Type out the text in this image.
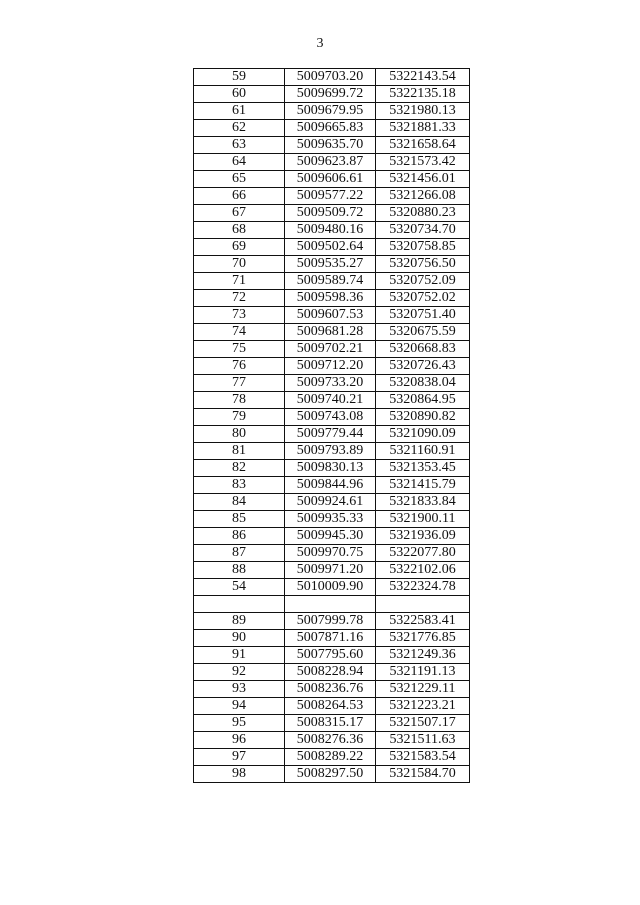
3
59	5009703.20	5322143.54
60	5009699.72	5322135.18
61	5009679.95	5321980.13
62	5009665.83	5321881.33
63	5009635.70	5321658.64
64	5009623.87	5321573.42
65	5009606.61	5321456.01
66	5009577.22	5321266.08
67	5009509.72	5320880.23
68	5009480.16	5320734.70
69	5009502.64	5320758.85
70	5009535.27	5320756.50
71	5009589.74	5320752.09
72	5009598.36	5320752.02
73	5009607.53	5320751.40
74	5009681.28	5320675.59
75	5009702.21	5320668.83
76	5009712.20	5320726.43
77	5009733.20	5320838.04
78	5009740.21	5320864.95
79	5009743.08	5320890.82
80	5009779.44	5321090.09
81	5009793.89	5321160.91
82	5009830.13	5321353.45
83	5009844.96	5321415.79
84	5009924.61	5321833.84
85	5009935.33	5321900.11
86	5009945.30	5321936.09
87	5009970.75	5322077.80
88	5009971.20	5322102.06
54	5010009.90	5322324.78

89	5007999.78	5322583.41
90	5007871.16	5321776.85
91	5007795.60	5321249.36
92	5008228.94	5321191.13
93	5008236.76	5321229.11
94	5008264.53	5321223.21
95	5008315.17	5321507.17
96	5008276.36	5321511.63
97	5008289.22	5321583.54
98	5008297.50	5321584.70
